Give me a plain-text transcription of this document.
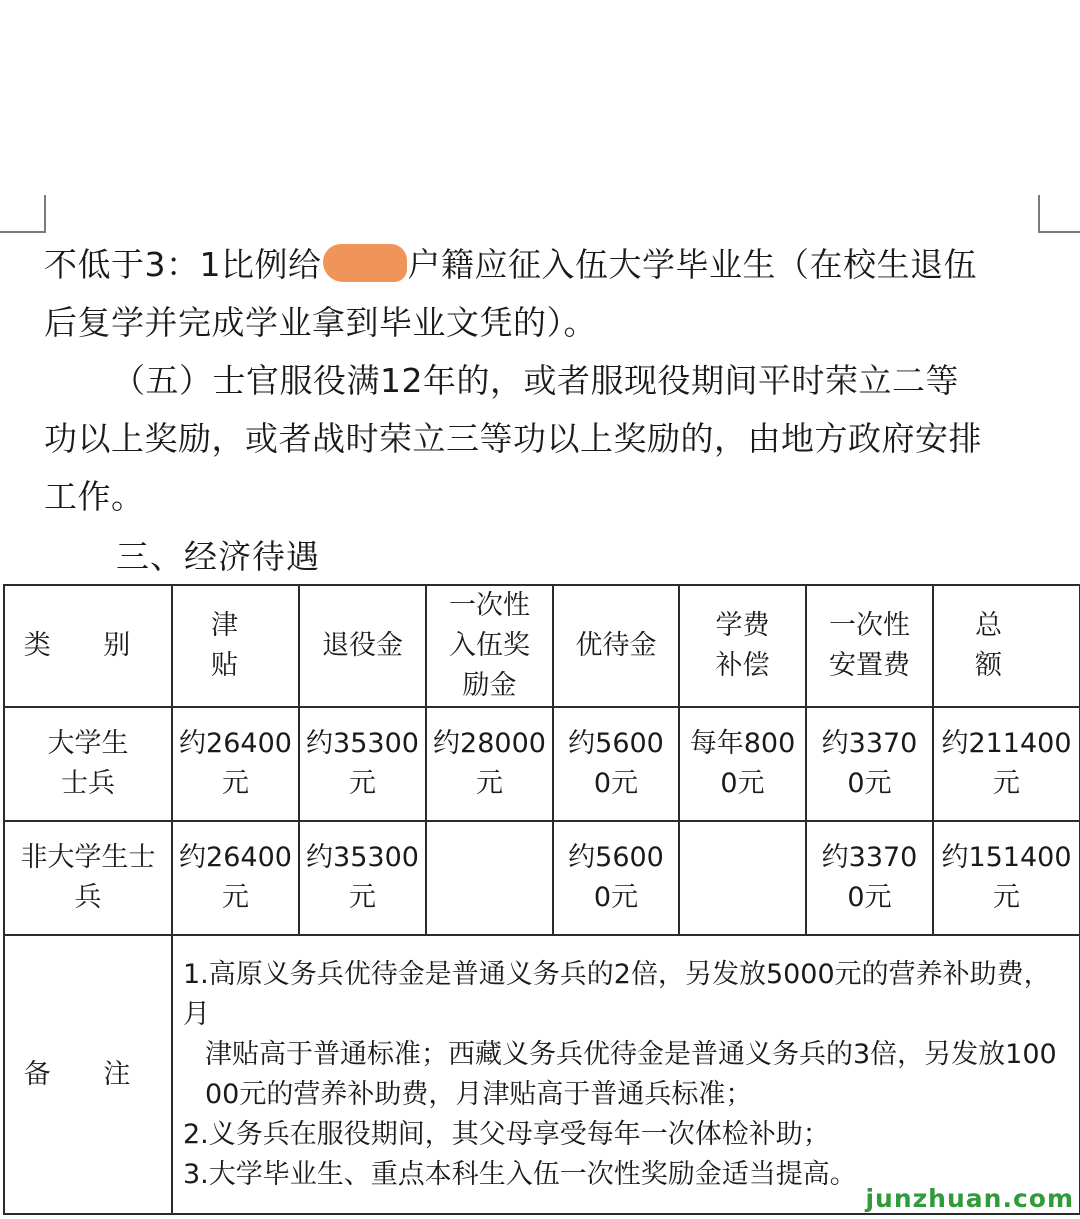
不低于3：1比例给	户籍应征入伍大学毕业生（在校生退伍
后复学并完成学业拿到毕业文凭的）。
（五）士官服役满12年的，或者服现役期间平时荣立二等
功以上奖励，或者战时荣立三等功以上奖励的，由地方政府安排
工作。
三、经济待遇
类 别	津 贴	退役金	一次性入伍奖励金	优待金	学费补偿	一次性安置费	总 额
大学生士兵	约26400元	约35300元	约28000元	约56000元	每年8000元	约33700元	约211400元
非大学生士兵	约26400元	约35300元		约56000元		约33700元	约151400元
备 注	1.高原义务兵优待金是普通义务兵的2倍，另发放5000元的营养补助费，月
津贴高于普通标准；西藏义务兵优待金是普通义务兵的3倍，另发放100
00元的营养补助费，月津贴高于普通兵标准；
2.义务兵在服役期间，其父母享受每年一次体检补助；
3.大学毕业生、重点本科生入伍一次性奖励金适当提高。						
junzhuan.com
